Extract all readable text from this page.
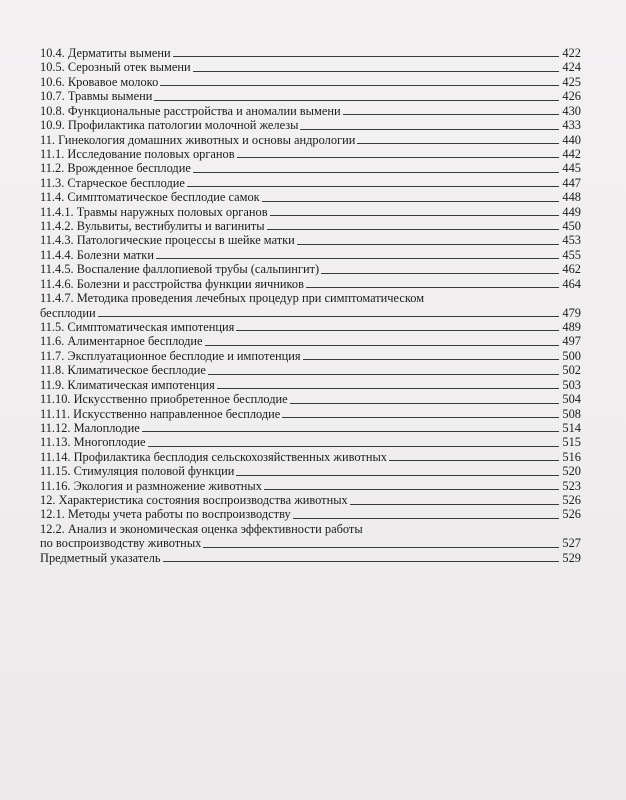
10.4. Дерматиты вымени	422
10.5. Серозный отек вымени	424
10.6. Кровавое молоко	425
10.7. Травмы вымени	426
10.8. Функциональные расстройства и аномалии вымени	430
10.9. Профилактика патологии молочной железы	433
11. Гинекология домашних животных и основы андрологии	440
11.1. Исследование половых органов	442
11.2. Врожденное бесплодие	445
11.3. Старческое бесплодие	447
11.4. Симптоматическое бесплодие самок	448
11.4.1. Травмы наружных половых органов	449
11.4.2. Вульвиты, вестибулиты и вагиниты	450
11.4.3. Патологические процессы в шейке матки	453
11.4.4. Болезни матки	455
11.4.5. Воспаление фаллопиевой трубы (сальпингит)	462
11.4.6. Болезни и расстройства функции яичников	464
11.4.7. Методика проведения лечебных процедур при симптоматическом
бесплодии	479
11.5. Симптоматическая импотенция	489
11.6. Алиментарное бесплодие	497
11.7. Эксплуатационное бесплодие и импотенция	500
11.8. Климатическое бесплодие	502
11.9. Климатическая импотенция	503
11.10. Искусственно приобретенное бесплодие	504
11.11. Искусственно направленное бесплодие	508
11.12. Малоплодие	514
11.13. Многоплодие	515
11.14. Профилактика бесплодия сельскохозяйственных животных	516
11.15. Стимуляция половой функции	520
11.16. Экология и размножение животных	523
12. Характеристика состояния воспроизводства животных	526
12.1. Методы учета работы по воспроизводству	526
12.2. Анализ и экономическая оценка эффективности работы
по воспроизводству животных	527
Предметный указатель	529
